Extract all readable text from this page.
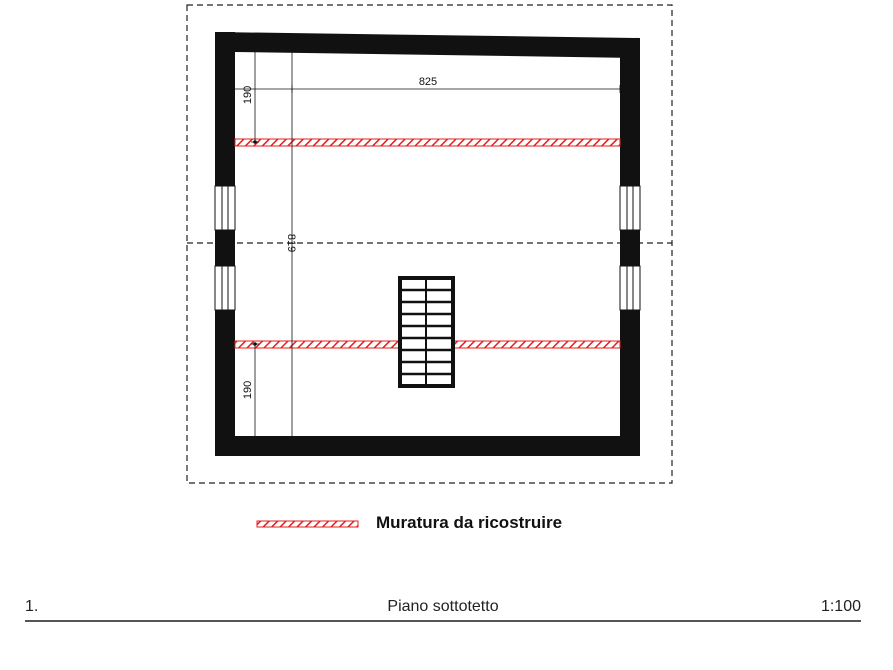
825
819
190
190
Muratura da ricostruire
1.	Piano sottotetto	1:100
